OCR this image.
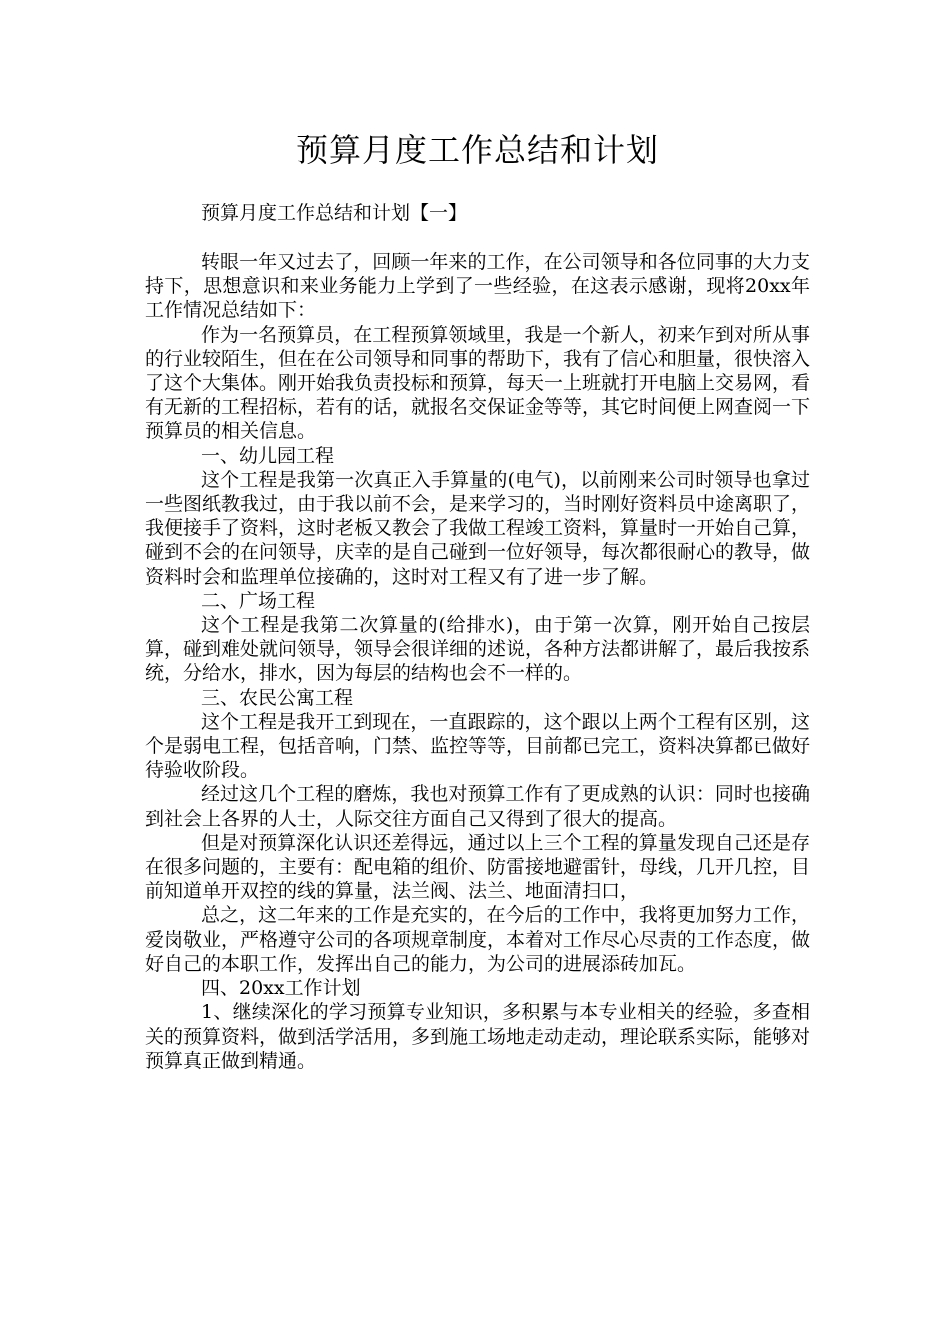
预算月度工作总结和计划
预算月度工作总结和计划【一】

转眼一年又过去了，回顾一年来的工作，在公司领导和各位同事的大力支持下，思想意识和来业务能力上学到了一些经验，在这表示感谢，现将20xx年工作情况总结如下：

作为一名预算员，在工程预算领域里，我是一个新人，初来乍到对所从事的行业较陌生，但在在公司领导和同事的帮助下，我有了信心和胆量，很快溶入了这个大集体。刚开始我负责投标和预算，每天一上班就打开电脑上交易网，看有无新的工程招标，若有的话，就报名交保证金等等，其它时间便上网查阅一下预算员的相关信息。

一、幼儿园工程

这个工程是我第一次真正入手算量的(电气)，以前刚来公司时领导也拿过一些图纸教我过，由于我以前不会，是来学习的，当时刚好资料员中途离职了，我便接手了资料，这时老板又教会了我做工程竣工资料，算量时一开始自己算，碰到不会的在问领导，庆幸的是自己碰到一位好领导，每次都很耐心的教导，做资料时会和监理单位接确的，这时对工程又有了进一步了解。

二、广场工程

这个工程是我第二次算量的(给排水)，由于第一次算，刚开始自己按层算，碰到难处就问领导，领导会很详细的述说，各种方法都讲解了，最后我按系统，分给水，排水，因为每层的结构也会不一样的。

三、农民公寓工程

这个工程是我开工到现在，一直跟踪的，这个跟以上两个工程有区别，这个是弱电工程，包括音响，门禁、监控等等，目前都已完工，资料决算都已做好待验收阶段。

经过这几个工程的磨炼，我也对预算工作有了更成熟的认识：同时也接确到社会上各界的人士，人际交往方面自己又得到了很大的提高。

但是对预算深化认识还差得远，通过以上三个工程的算量发现自己还是存在很多问题的，主要有：配电箱的组价、防雷接地避雷针，母线，几开几控，目前知道单开双控的线的算量，法兰阀、法兰、地面清扫口，

总之，这二年来的工作是充实的，在今后的工作中，我将更加努力工作，爱岗敬业，严格遵守公司的各项规章制度，本着对工作尽心尽责的工作态度，做好自己的本职工作，发挥出自己的能力，为公司的进展添砖加瓦。

四、20xx工作计划

1、继续深化的学习预算专业知识，多积累与本专业相关的经验，多查相关的预算资料，做到活学活用，多到施工场地走动走动，理论联系实际，能够对预算真正做到精通。
